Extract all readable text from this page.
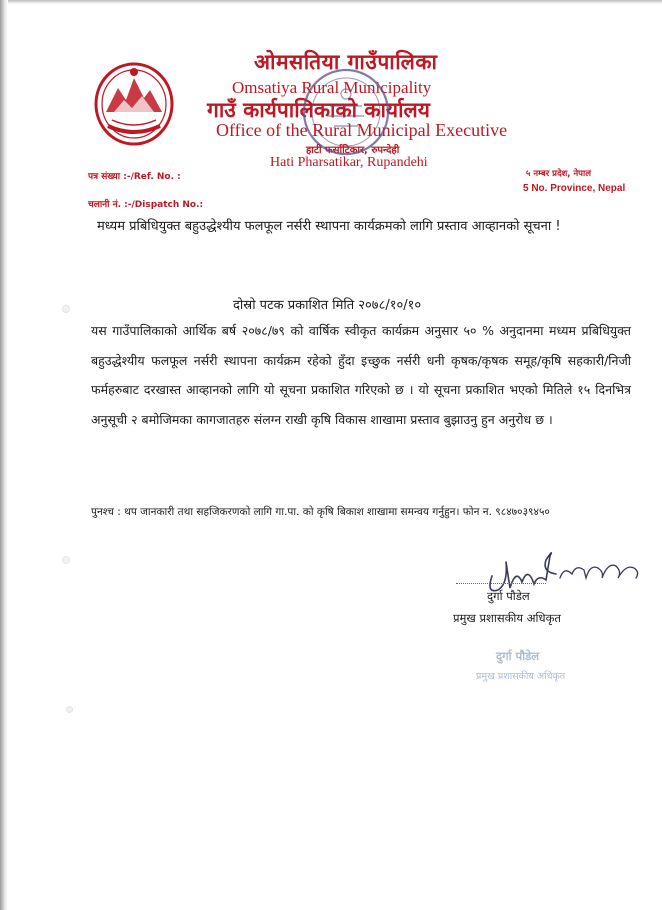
ओमसतिया गाउँपालिका
Omsatiya Rural Municipality
गाउँ कार्यपालिकाको कार्यालय
Office of the Rural Municipal Executive
हाटी फर्साटिकार, रुपन्देही
Hati Pharsatikar, Rupandehi
पत्र संख्या :-/Ref. No. :
चलानी नं. :-/Dispatch No.:
५ नम्बर प्रदेश, नेपाल
5 No. Province, Nepal
मध्यम प्रबिधियुक्त बहुउद्धेश्यीय फलफूल नर्सरी स्थापना कार्यक्रमको लागि प्रस्ताव आव्हानको सूचना !
दोस्रो पटक प्रकाशित मिति २०७८/१०/१०
यस गाउँपालिकाको आर्थिक बर्ष २०७८/७९ को वार्षिक स्वीकृत कार्यक्रम अनुसार ५० % अनुदानमा मध्यम प्रबिधियुक्त बहुउद्धेश्यीय फलफूल नर्सरी स्थापना कार्यक्रम रहेको हुँदा इच्छुक नर्सरी धनी कृषक/कृषक समूह/कृषि सहकारी/निजी फर्महरुबाट दरखास्त आव्हानको लागि यो सूचना प्रकाशित गरिएको छ । यो सूचना प्रकाशित भएको मितिले १५ दिनभित्र अनुसूची २ बमोजिमका कागजातहरु संलग्न राखी कृषि विकास शाखामा प्रस्ताव बुझाउनु हुन अनुरोध छ ।
पुनश्च : थप जानकारी तथा सहजिकरणको लागि गा.पा. को कृषि बिकाश शाखामा समन्वय गर्नुहुन। फोन न. ९८४७०३९४५०
दुर्गा पौडेल
प्रमुख प्रशासकीय अधिकृत
दुर्गा पौडेल
प्रमुख प्रशासकीय अधिकृत
